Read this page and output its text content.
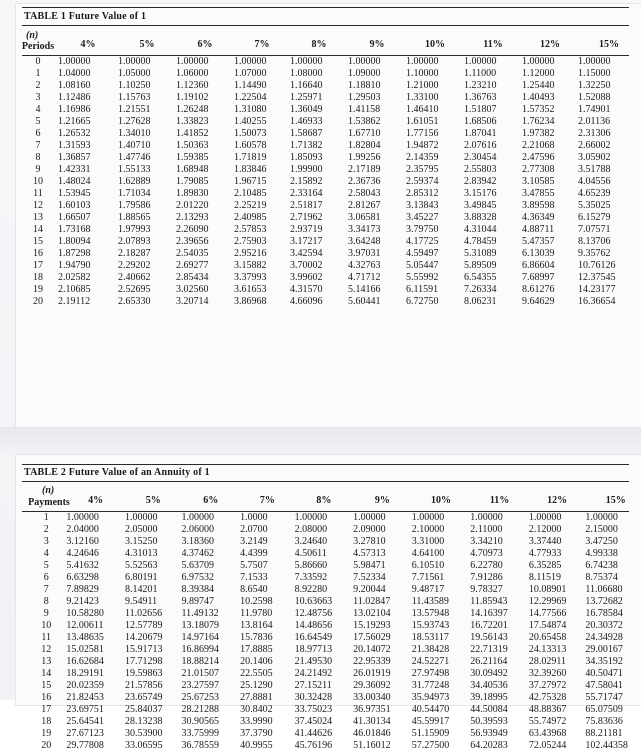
TABLE 1 Future Value of 1
(n)
Periods
		4%	5%	6%	7%	8%	9%	10%	11%	12%	15%

0	1.00000	1.00000	1.00000	1.00000	1.00000	1.00000	1.00000	1.00000	1.00000	1.00000
1	1.04000	1.05000	1.06000	1.07000	1.08000	1.09000	1.10000	1.11000	1.12000	1.15000
2	1.08160	1.10250	1.12360	1.14490	1.16640	1.18810	1.21000	1.23210	1.25440	1.32250
3	1.12486	1.15763	1.19102	1.22504	1.25971	1.29503	1.33100	1.36763	1.40493	1.52088
4	1.16986	1.21551	1.26248	1.31080	1.36049	1.41158	1.46410	1.51807	1.57352	1.74901
5	1.21665	1.27628	1.33823	1.40255	1.46933	1.53862	1.61051	1.68506	1.76234	2.01136
6	1.26532	1.34010	1.41852	1.50073	1.58687	1.67710	1.77156	1.87041	1.97382	2.31306
7	1.31593	1.40710	1.50363	1.60578	1.71382	1.82804	1.94872	2.07616	2.21068	2.66002
8	1.36857	1.47746	1.59385	1.71819	1.85093	1.99256	2.14359	2.30454	2.47596	3.05902
9	1.42331	1.55133	1.68948	1.83846	1.99900	2.17189	2.35795	2.55803	2.77308	3.51788
10	1.48024	1.62889	1.79085	1.96715	2.15892	2.36736	2.59374	2.83942	3.10585	4.04556
11	1.53945	1.71034	1.89830	2.10485	2.33164	2.58043	2.85312	3.15176	3.47855	4.65239
12	1.60103	1.79586	2.01220	2.25219	2.51817	2.81267	3.13843	3.49845	3.89598	5.35025
13	1.66507	1.88565	2.13293	2.40985	2.71962	3.06581	3.45227	3.88328	4.36349	6.15279
14	1.73168	1.97993	2.26090	2.57853	2.93719	3.34173	3.79750	4.31044	4.88711	7.07571
15	1.80094	2.07893	2.39656	2.75903	3.17217	3.64248	4.17725	4.78459	5.47357	8.13706
16	1.87298	2.18287	2.54035	2.95216	3.42594	3.97031	4.59497	5.31089	6.13039	9.35762
17	1.94790	2.29202	2.69277	3.15882	3.70002	4.32763	5.05447	5.89509	6.86604	10.76126
18	2.02582	2.40662	2.85434	3.37993	3.99602	4.71712	5.55992	6.54355	7.68997	12.37545
19	2.10685	2.52695	3.02560	3.61653	4.31570	5.14166	6.11591	7.26334	8.61276	14.23177
20	2.19112	2.65330	3.20714	3.86968	4.66096	5.60441	6.72750	8.06231	9.64629	16.36654
TABLE 2 Future Value of an Annuity of 1
(n)
Payments
	4%	5%	6%	7%	8%	9%	10%	11%	12%	15%

1	1.00000	1.00000	1.00000	1.0000	1.00000	1.00000	1.00000	1.00000	1.00000	1.00000
2	2.04000	2.05000	2.06000	2.0700	2.08000	2.09000	2.10000	2.11000	2.12000	2.15000
3	3.12160	3.15250	3.18360	3.2149	3.24640	3.27810	3.31000	3.34210	3.37440	3.47250
4	4.24646	4.31013	4.37462	4.4399	4.50611	4.57313	4.64100	4.70973	4.77933	4.99338
5	5.41632	5.52563	5.63709	5.7507	5.86660	5.98471	6.10510	6.22780	6.35285	6.74238
6	6.63298	6.80191	6.97532	7.1533	7.33592	7.52334	7.71561	7.91286	8.11519	8.75374
7	7.89829	8.14201	8.39384	8.6540	8.92280	9.20044	9.48717	9.78327	10.08901	11.06680
8	9.21423	9.54911	9.89747	10.2598	10.63663	11.02847	11.43589	11.85943	12.29969	13.72682
9	10.58280	11.02656	11.49132	11.9780	12.48756	13.02104	13.57948	14.16397	14.77566	16.78584
10	12.00611	12.57789	13.18079	13.8164	14.48656	15.19293	15.93743	16.72201	17.54874	20.30372
11	13.48635	14.20679	14.97164	15.7836	16.64549	17.56029	18.53117	19.56143	20.65458	24.34928
12	15.02581	15.91713	16.86994	17.8885	18.97713	20.14072	21.38428	22.71319	24.13313	29.00167
13	16.62684	17.71298	18.88214	20.1406	21.49530	22.95339	24.52271	26.21164	28.02911	34.35192
14	18.29191	19.59863	21.01507	22.5505	24.21492	26.01919	27.97498	30.09492	32.39260	40.50471
15	20.02359	21.57856	23.27597	25.1290	27.15211	29.36092	31.77248	34.40536	37.27972	47.58041
16	21.82453	23.65749	25.67253	27.8881	30.32428	33.00340	35.94973	39.18995	42.75328	55.71747
17	23.69751	25.84037	28.21288	30.8402	33.75023	36.97351	40.54470	44.50084	48.88367	65.07509
18	25.64541	28.13238	30.90565	33.9990	37.45024	41.30134	45.59917	50.39593	55.74972	75.83636
19	27.67123	30.53900	33.75999	37.3790	41.44626	46.01846	51.15909	56.93949	63.43968	88.21181
20	29.77808	33.06595	36.78559	40.9955	45.76196	51.16012	57.27500	64.20283	72.05244	102.44358
